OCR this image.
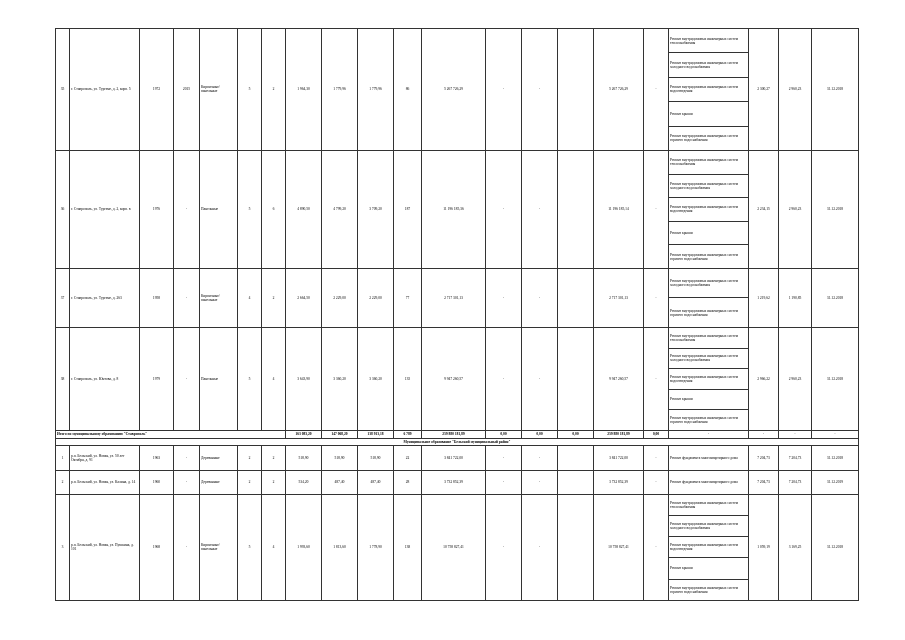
35	г. Ставрополь, ул. Тургене, д. 2, корп. 5	1972	2015	Кирпичные/ панельные	5	2	1 964,30	1 779,96	1 779,96	86	5 267 726,29	-	-		5 267 726,29	-	Ремонт внутридомовых инженерных систем теплоснабжения	2 300,27	2 960,23	31.12.2018
																	Ремонт внутридомовых инженерных систем холодного водоснабжения			
																	Ремонт внутридомовых инженерных систем водоотведения			
																	Ремонт крыши			
																	Ремонт внутридомовых инженерных систем горячего водоснабжения			
36	г. Ставрополь, ул. Тургене, д. 2, корп. в	1976	-	Панельные	5	6	4 890,50	4 799,20	3 709,20	187	11 196 185,36	-	-		11 196 185,14	-	Ремонт внутридомовых инженерных систем теплоснабжения	2 234,15	2 960,23	31.12.2018
																	Ремонт внутридомовых инженерных систем холодного водоснабжения			
																	Ремонт внутридомовых инженерных систем водоотведения			
																	Ремонт крыши			
																	Ремонт внутридомовых инженерных систем горячего водоснабжения			
37	г. Ставрополь, ул. Тургене, д. 263	1958	-	Кирпичные/ панельные	4	2	2 664,50	2 229,00	2 229,00	77	2 717 301,13	-	-		2 717 301,13	-	Ремонт внутридомовых инженерных систем холодного водоснабжения	1 219,62	1 190,85	31.12.2018
																	Ремонт внутридомовых инженерных систем горячего водоснабжения			
38	г. Ставрополь, ул. Юнтова, д. 8	1979	-	Панельные	5	4	3 643,90	3 360,20	3 360,20	135	9 947 260,57	-	-		9 947 260,57	-	Ремонт внутридомовых инженерных систем теплоснабжения	2 966,22	2 960,23	31.12.2018
																	Ремонт внутридомовых инженерных систем холодного водоснабжения			
																	Ремонт внутридомовых инженерных систем водоотведения			
																	Ремонт крыши			
																	Ремонт внутридомовых инженерных систем горячего водоснабжения			
Итого по муниципальному образованию "Ставрополь"							163 083,20	147 068,20	138 913,18	6 789	259 880 181,89	0,00	0,00	0,00	259 880 181,89	0,00	-	-	-	-
Муниципальное образование "Бельский муниципальный район"																				
1	р.п. Бельский, ул. Новая, ул. 50 лет Октября, д. 91	1963	-	Деревянные	2	2	518,90	518,90	518,90	22	3 841 722,00	-	-		3 841 722,00	-	Ремонт фундамента многоквартирного дома	7 204,73	7 204,73	31.12.2018
2	р.п. Бельский, ул. Новая, ул. Калина, д. 14	1960	-	Деревянные	2	2	534,20	487,40	487,40	28	3 732 852,39	-	-		3 732 852,39	-	Ремонт фундамента многоквартирного дома	7 204,73	7 204,73	31.12.2019
3	р.п. Бельский, ул. Новая, ул. Пушкина, д. 101	1968	-	Кирпичные/ панельные	5	4	1 993,60	1 813,60	1 778,90	138	10 758 827,41	-	-		10 758 827,41	-	Ремонт внутридомовых инженерных систем теплоснабжения	1 059,19	3 169,25	31.12.2018
																	Ремонт внутридомовых инженерных систем холодного водоснабжения			
																	Ремонт внутридомовых инженерных систем водоотведения			
																	Ремонт крыши			
																	Ремонт внутридомовых инженерных систем горячего водоснабжения			
